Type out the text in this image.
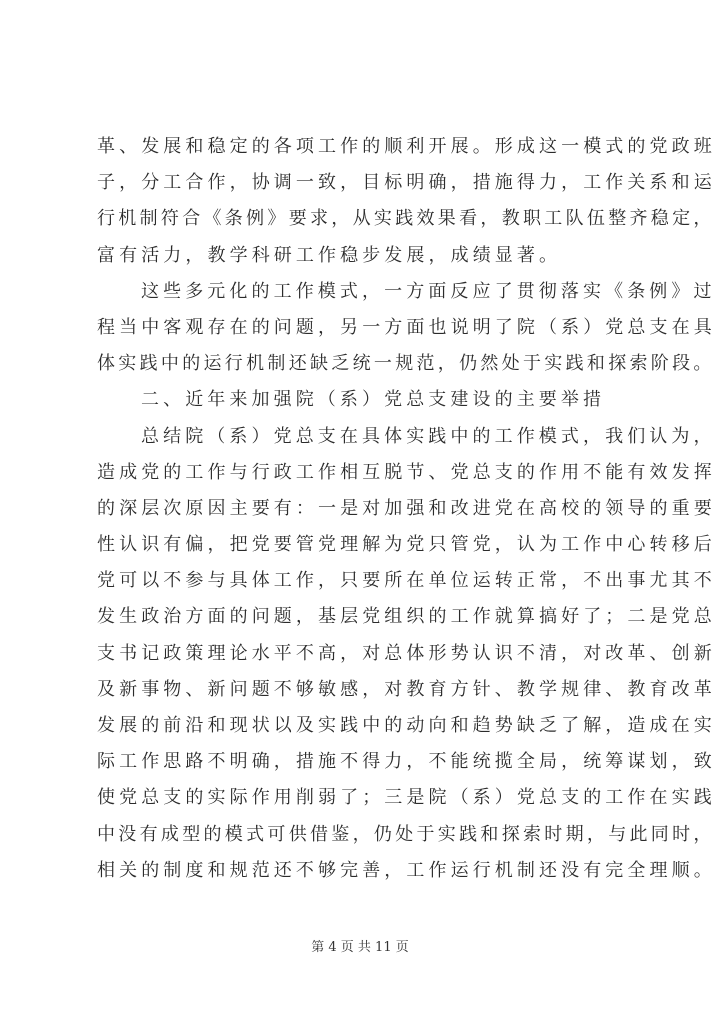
革、发展和稳定的各项工作的顺利开展。形成这一模式的党政班
子，分工合作，协调一致，目标明确，措施得力，工作关系和运
行机制符合《条例》要求，从实践效果看，教职工队伍整齐稳定，
富有活力，教学科研工作稳步发展，成绩显著。
这些多元化的工作模式，一方面反应了贯彻落实《条例》过
程当中客观存在的问题，另一方面也说明了院（系）党总支在具
体实践中的运行机制还缺乏统一规范，仍然处于实践和探索阶段。
二、近年来加强院（系）党总支建设的主要举措
总结院（系）党总支在具体实践中的工作模式，我们认为，
造成党的工作与行政工作相互脱节、党总支的作用不能有效发挥
的深层次原因主要有：一是对加强和改进党在高校的领导的重要
性认识有偏，把党要管党理解为党只管党，认为工作中心转移后
党可以不参与具体工作，只要所在单位运转正常，不出事尤其不
发生政治方面的问题，基层党组织的工作就算搞好了；二是党总
支书记政策理论水平不高，对总体形势认识不清，对改革、创新
及新事物、新问题不够敏感，对教育方针、教学规律、教育改革
发展的前沿和现状以及实践中的动向和趋势缺乏了解，造成在实
际工作思路不明确，措施不得力，不能统揽全局，统筹谋划，致
使党总支的实际作用削弱了；三是院（系）党总支的工作在实践
中没有成型的模式可供借鉴，仍处于实践和探索时期，与此同时，
相关的制度和规范还不够完善，工作运行机制还没有完全理顺。
第 4 页 共 11 页
